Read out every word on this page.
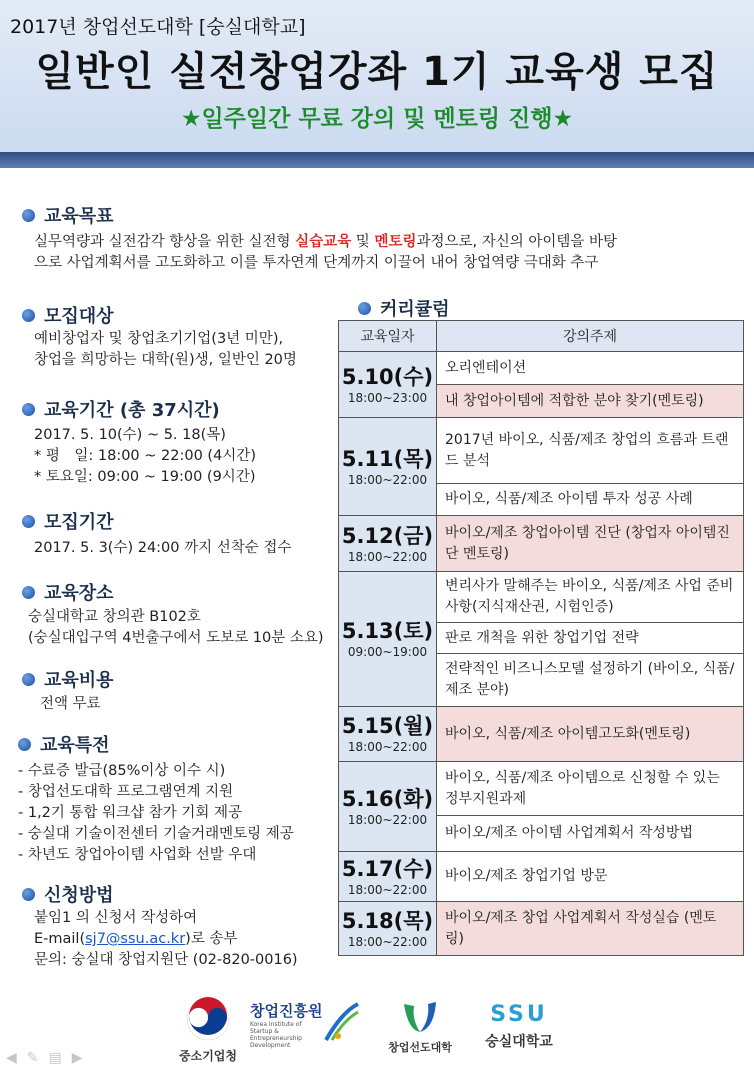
2017년 창업선도대학 [숭실대학교]
일반인 실전창업강좌 1기 교육생 모집
★일주일간 무료 강의 및 멘토링 진행★
교육목표
실무역량과 실전감각 향상을 위한 실전형 실습교육 및 멘토링과정으로, 자신의 아이템을 바탕
으로 사업계획서를 고도화하고 이를 투자연계 단계까지 이끌어 내어 창업역량 극대화 추구
모집대상
예비창업자 및 창업초기기업(3년 미만),
창업을 희망하는 대학(원)생, 일반인 20명
교육기간 (총 37시간)
2017. 5. 10(수) ~ 5. 18(목)
* 평　일: 18:00 ~ 22:00 (4시간)
* 토요일: 09:00 ~ 19:00 (9시간)
모집기간
2017. 5. 3(수) 24:00 까지 선착순 접수
교육장소
숭실대학교 창의관 B102호
(숭실대입구역 4번출구에서 도보로 10분 소요)
교육비용
전액 무료
교육특전
- 수료증 발급(85%이상 이수 시)
- 창업선도대학 프로그램연계 지원
- 1,2기 통합 워크샵 참가 기회 제공
- 숭실대 기술이전센터 기술거래멘토링 제공
- 차년도 창업아이템 사업화 선발 우대
신청방법
붙임1 의 신청서 작성하여
E-mail(sj7@ssu.ac.kr)로 송부
문의: 숭실대 창업지원단 (02-820-0016)
커리큘럼
교육일자	강의주제

5.10(수)
18:00~23:00	오리엔테이션
	내 창업아이템에 적합한 분야 찾기(멘토링)

5.11(목)
18:00~22:00	2017년 바이오, 식품/제조 창업의 흐름과 트랜드 분석
	바이오, 식품/제조 아이템 투자 성공 사례

5.12(금)
18:00~22:00	바이오/제조 창업아이템 진단 (창업자 아이템진단 멘토링)

5.13(토)
09:00~19:00	변리사가 말해주는 바이오, 식품/제조 사업 준비사항(지식재산권, 시험인증)
	판로 개척을 위한 창업기업 전략
	전략적인 비즈니스모델 설정하기 (바이오, 식품/제조 분야)

5.15(월)
18:00~22:00	바이오, 식품/제조 아이템고도화(멘토링)

5.16(화)
18:00~22:00	바이오, 식품/제조 아이템으로 신청할 수 있는 정부지원과제
	바이오/제조 아이템 사업계획서 작성방법

5.17(수)
18:00~22:00	바이오/제조 창업기업 방문

5.18(목)
18:00~22:00	바이오/제조 창업 사업계획서 작성실습 (멘토링)
중소기업청
창업진흥원
Korea Institute of Startup & Entrepreneurship Development	창업선도대학
SSU
숭실대학교
◀ ✎ ▤ ▶
